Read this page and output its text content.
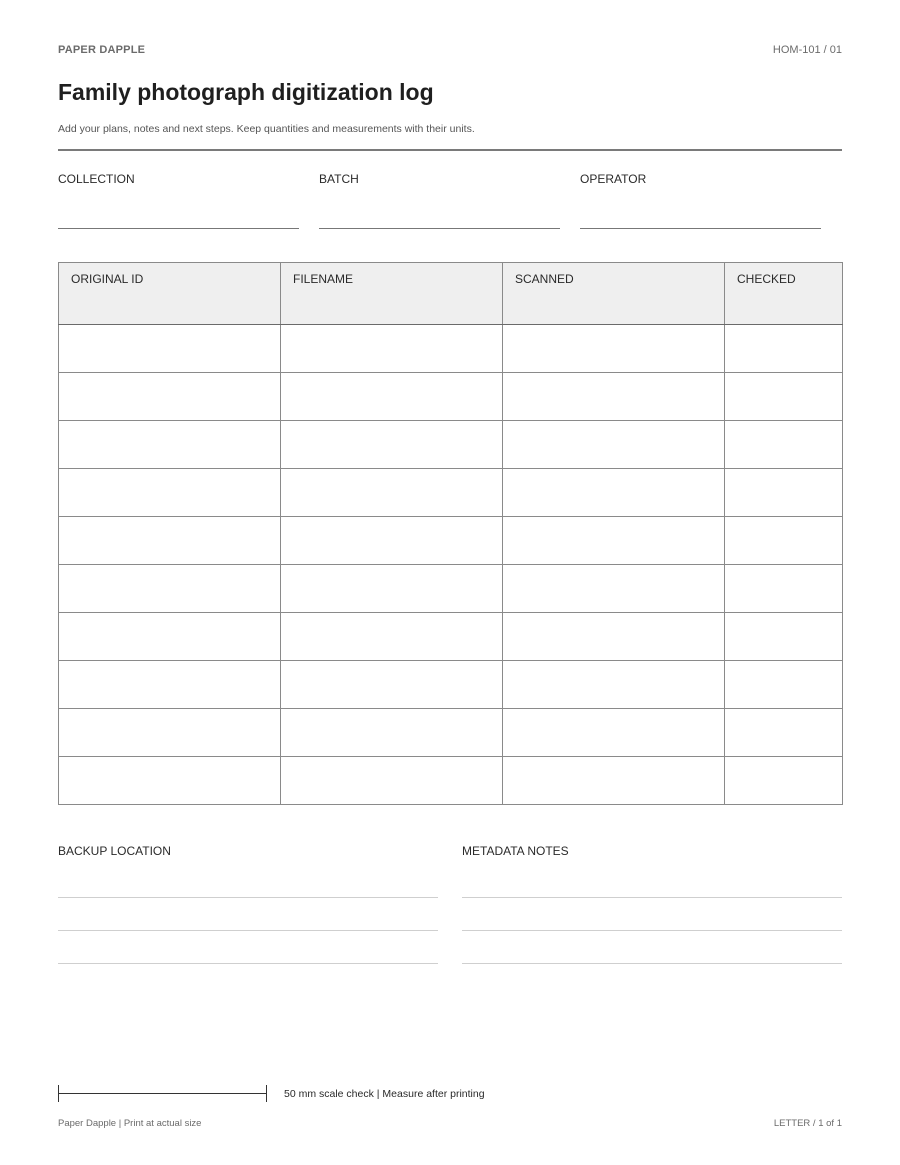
PAPER DAPPLE	HOM-101 / 01
Family photograph digitization log
Add your plans, notes and next steps. Keep quantities and measurements with their units.
COLLECTION	BATCH	OPERATOR
ORIGINAL ID	FILENAME	SCANNED	CHECKED

BACKUP LOCATION	METADATA NOTES
50 mm scale check | Measure after printing
Paper Dapple | Print at actual size	LETTER / 1 of 1
